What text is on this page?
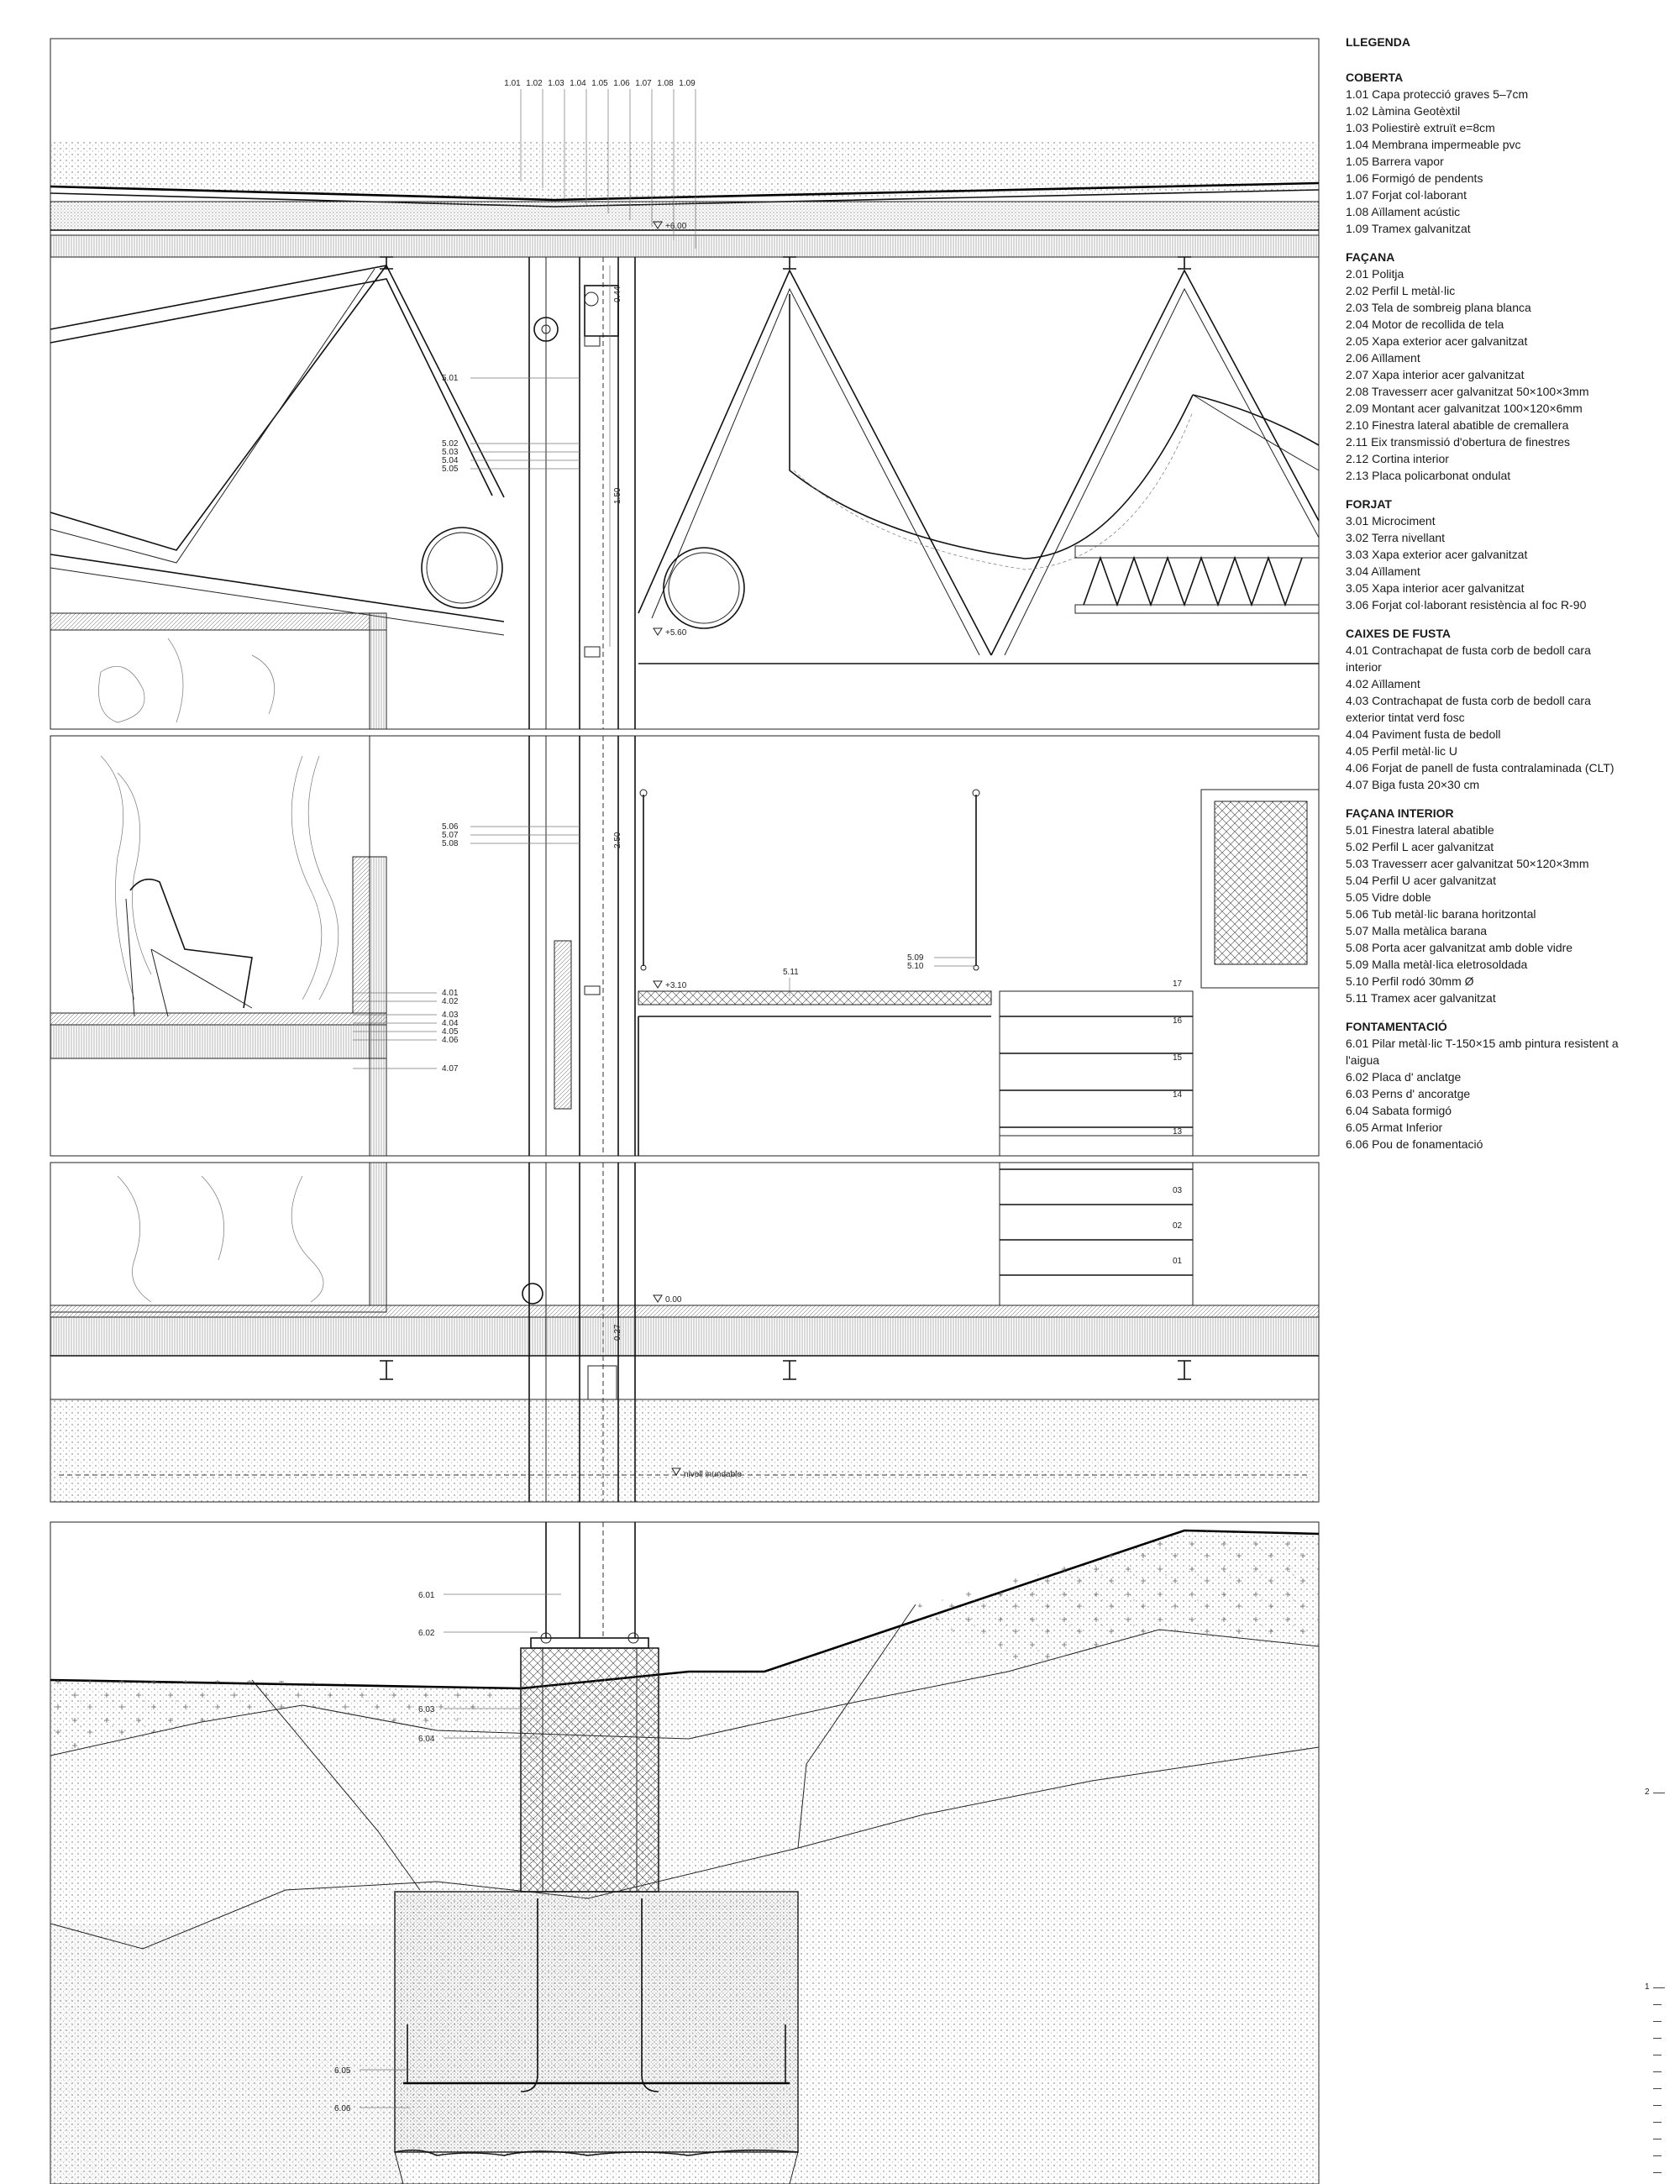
1.01 1.02 1.03 1.04 1.05 1.06 1.07 1.08 1.09
+6.00
+5.60
0.44
1.50
5.01
5.02
5.03
5.04
5.05
17
16
15
14
13
5.06
5.07
5.08
5.09
5.10
5.11
4.01
4.02
4.03
4.04
4.05
4.06
4.07
+3.10
2.50
03
02
01
nivell inundable
0.00
0.27
6.01
6.02
6.03
6.04
6.05
6.06
LLEGENDA
COBERTA
1.01 Capa protecció graves 5–7cm
1.02 Làmina Geotèxtil
1.03 Poliestirè extruït e=8cm
1.04 Membrana impermeable pvc
1.05 Barrera vapor
1.06 Formigó de pendents
1.07 Forjat col·laborant
1.08 Aïllament acústic
1.09 Tramex galvanitzat
FAÇANA
2.01 Politja
2.02 Perfil L metàl·lic
2.03 Tela de sombreig plana blanca
2.04 Motor de recollida de tela
2.05 Xapa exterior acer galvanitzat
2.06 Aïllament
2.07 Xapa interior acer galvanitzat
2.08 Travesserr acer galvanitzat 50×100×3mm
2.09 Montant acer galvanitzat 100×120×6mm
2.10 Finestra lateral abatible de cremallera
2.11 Eix transmissió d'obertura de finestres
2.12 Cortina interior
2.13 Placa policarbonat ondulat
FORJAT
3.01 Microciment
3.02 Terra nivellant
3.03 Xapa exterior acer galvanitzat
3.04 Aïllament
3.05 Xapa interior acer galvanitzat
3.06 Forjat col·laborant resistència al foc R-90
CAIXES DE FUSTA
4.01 Contrachapat de fusta corb de bedoll cara interior
4.02 Aïllament
4.03 Contrachapat de fusta corb de bedoll cara exterior tintat verd fosc
4.04 Paviment fusta de bedoll
4.05 Perfil metàl·lic U
4.06 Forjat de panell de fusta contralaminada (CLT)
4.07 Biga fusta 20×30 cm
FAÇANA INTERIOR
5.01 Finestra lateral abatible
5.02 Perfil L acer galvanitzat
5.03 Travesserr acer galvanitzat 50×120×3mm
5.04 Perfil U acer galvanitzat
5.05 Vidre doble
5.06 Tub metàl·lic barana horitzontal
5.07 Malla metàlica barana
5.08 Porta acer galvanitzat amb doble vidre
5.09 Malla metàl·lica eletrosoldada
5.10 Perfil rodó 30mm Ø
5.11 Tramex acer galvanitzat
FONTAMENTACIÓ
6.01 Pilar metàl·lic T-150×15 amb pintura resistent a l'aigua
6.02 Placa d' anclatge
6.03 Perns d' ancoratge
6.04 Sabata formigó
6.05 Armat Inferior
6.06 Pou de fonamentació
2
1
